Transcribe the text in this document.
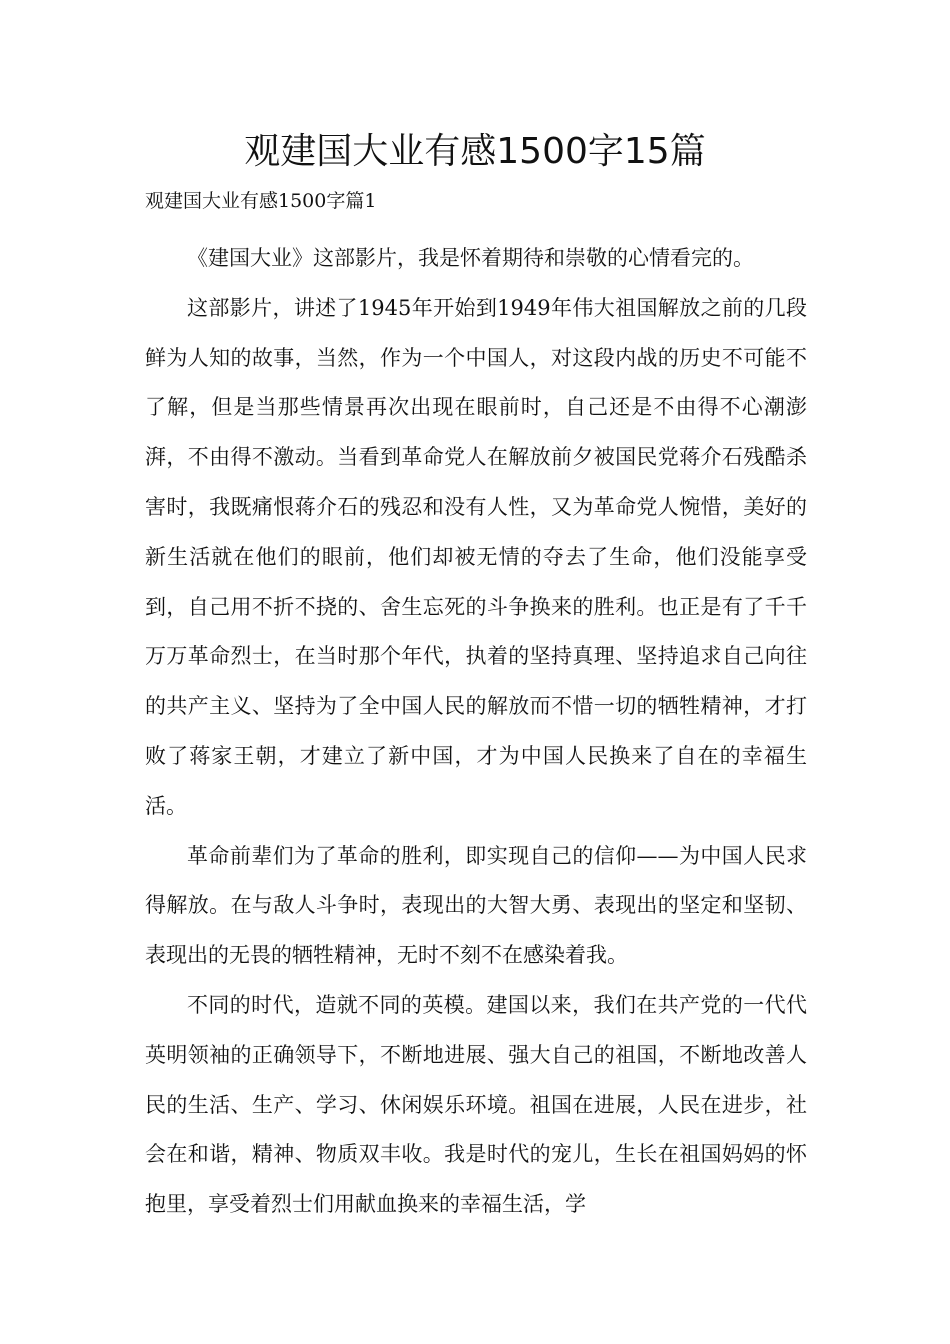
观建国大业有感1500字15篇
观建国大业有感1500字篇1

《建国大业》这部影片，我是怀着期待和崇敬的心情看完的。

这部影片，讲述了1945年开始到1949年伟大祖国解放之前的几段鲜为人知的故事，当然，作为一个中国人，对这段内战的历史不可能不了解，但是当那些情景再次出现在眼前时，自己还是不由得不心潮澎湃，不由得不激动。当看到革命党人在解放前夕被国民党蒋介石残酷杀害时，我既痛恨蒋介石的残忍和没有人性，又为革命党人惋惜，美好的新生活就在他们的眼前，他们却被无情的夺去了生命，他们没能享受到，自己用不折不挠的、舍生忘死的斗争换来的胜利。也正是有了千千万万革命烈士，在当时那个年代，执着的坚持真理、坚持追求自己向往的共产主义、坚持为了全中国人民的解放而不惜一切的牺牲精神，才打败了蒋家王朝，才建立了新中国，才为中国人民换来了自在的幸福生活。

革命前辈们为了革命的胜利，即实现自己的信仰——为中国人民求得解放。在与敌人斗争时，表现出的大智大勇、表现出的坚定和坚韧、表现出的无畏的牺牲精神，无时不刻不在感染着我。

不同的时代，造就不同的英模。建国以来，我们在共产党的一代代英明领袖的正确领导下，不断地进展、强大自己的祖国，不断地改善人民的生活、生产、学习、休闲娱乐环境。祖国在进展，人民在进步，社会在和谐，精神、物质双丰收。我是时代的宠儿，生长在祖国妈妈的怀抱里，享受着烈士们用献血换来的幸福生活，学
